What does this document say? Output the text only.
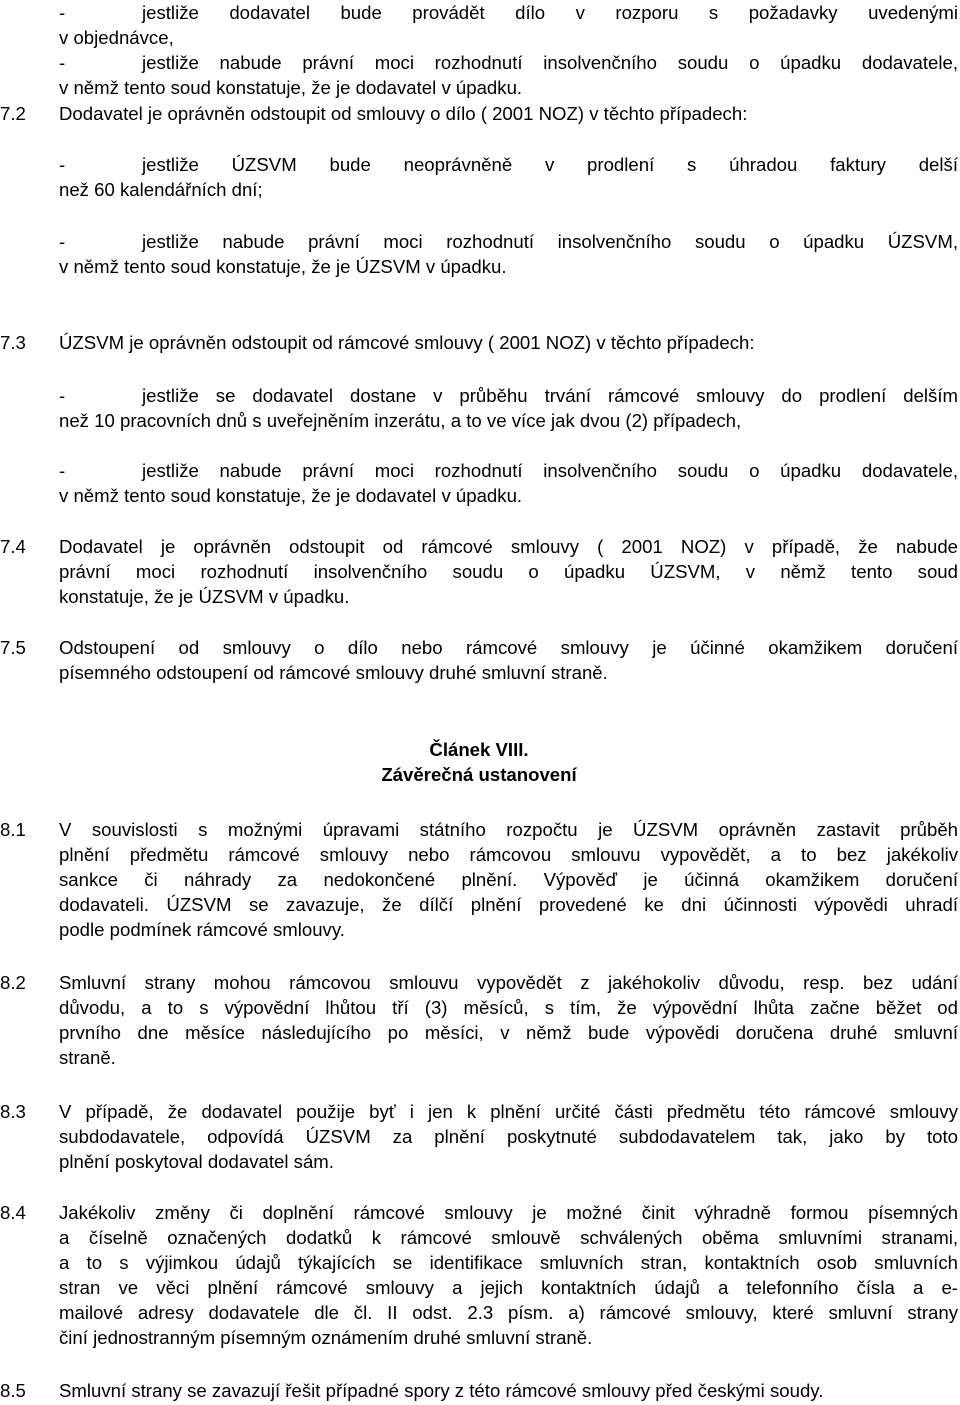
-	jestliže dodavatel bude provádět dílo v rozporu s požadavky uvedenými
v objednávce,
-	jestliže nabude právní moci rozhodnutí insolvenčního soudu o úpadku dodavatele,
v němž tento soud konstatuje, že je dodavatel v úpadku.
7.2 Dodavatel je oprávněn odstoupit od smlouvy o dílo ( 2001 NOZ) v těchto případech:
-	jestliže ÚZSVM bude neoprávněně v prodlení s úhradou faktury delší
než 60 kalendářních dní;
-	jestliže nabude právní moci rozhodnutí insolvenčního soudu o úpadku ÚZSVM,
v němž tento soud konstatuje, že je ÚZSVM v úpadku.
7.3 ÚZSVM je oprávněn odstoupit od rámcové smlouvy ( 2001 NOZ) v těchto případech:
-	jestliže se dodavatel dostane v průběhu trvání rámcové smlouvy do prodlení delším
než 10 pracovních dnů s uveřejněním inzerátu, a to ve více jak dvou (2) případech,
-	jestliže nabude právní moci rozhodnutí insolvenčního soudu o úpadku dodavatele,
v němž tento soud konstatuje, že je dodavatel v úpadku.
7.4 Dodavatel je oprávněn odstoupit od rámcové smlouvy ( 2001 NOZ) v případě, že nabude
právní moci rozhodnutí insolvenčního soudu o úpadku ÚZSVM, v němž tento soud
konstatuje, že je ÚZSVM v úpadku.
7.5 Odstoupení od smlouvy o dílo nebo rámcové smlouvy je účinné okamžikem doručení
písemného odstoupení od rámcové smlouvy druhé smluvní straně.
Článek VIII.
Závěrečná ustanovení
8.1 V souvislosti s možnými úpravami státního rozpočtu je ÚZSVM oprávněn zastavit průběh
plnění předmětu rámcové smlouvy nebo rámcovou smlouvu vypovědět, a to bez jakékoliv
sankce či náhrady za nedokončené plnění. Výpověď je účinná okamžikem doručení
dodavateli. ÚZSVM se zavazuje, že dílčí plnění provedené ke dni účinnosti výpovědi uhradí
podle podmínek rámcové smlouvy.
8.2 Smluvní strany mohou rámcovou smlouvu vypovědět z jakéhokoliv důvodu, resp. bez udání
důvodu, a to s výpovědní lhůtou tří (3) měsíců, s tím, že výpovědní lhůta začne běžet od
prvního dne měsíce následujícího po měsíci, v němž bude výpovědi doručena druhé smluvní
straně.
8.3 V případě, že dodavatel použije byť i jen k plnění určité části předmětu této rámcové smlouvy
subdodavatele, odpovídá ÚZSVM za plnění poskytnuté subdodavatelem tak, jako by toto
plnění poskytoval dodavatel sám.
8.4 Jakékoliv změny či doplnění rámcové smlouvy je možné činit výhradně formou písemných
a číselně označených dodatků k rámcové smlouvě schválených oběma smluvními stranami,
a to s výjimkou údajů týkajících se identifikace smluvních stran, kontaktních osob smluvních
stran ve věci plnění rámcové smlouvy a jejich kontaktních údajů a telefonního čísla a e-
mailové adresy dodavatele dle čl. II odst. 2.3 písm. a) rámcové smlouvy, které smluvní strany
činí jednostranným písemným oznámením druhé smluvní straně.
8.5 Smluvní strany se zavazují řešit případné spory z této rámcové smlouvy před českými soudy.
